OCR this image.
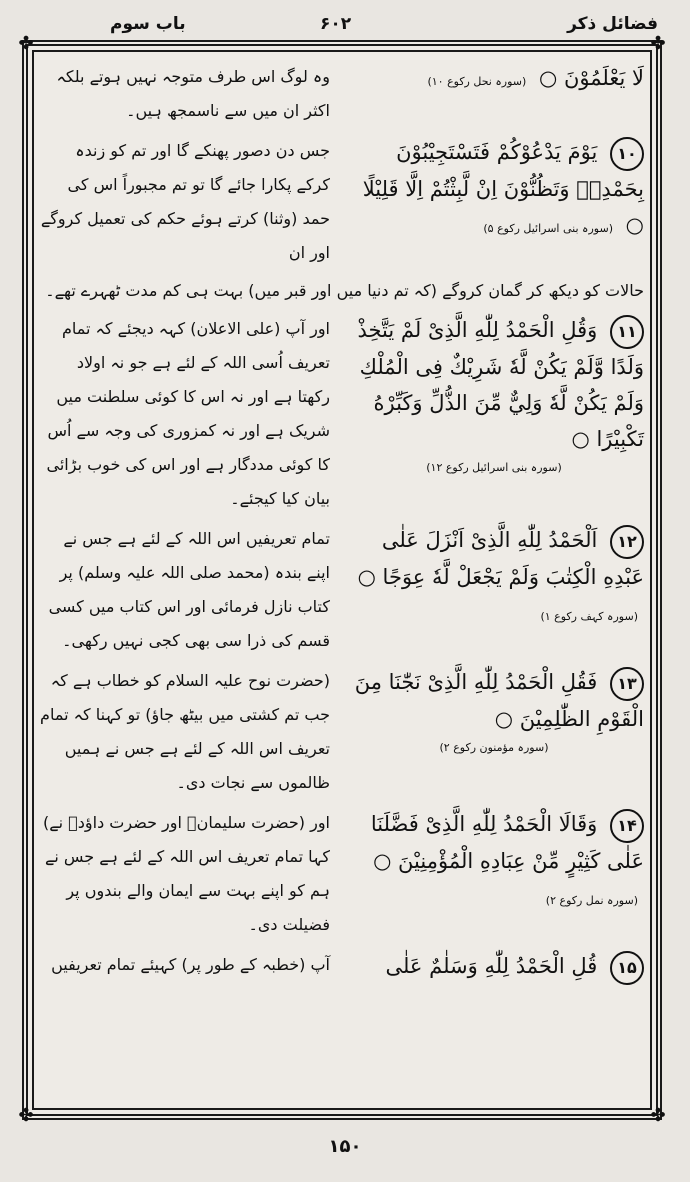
باب سوم	۶۰۲	فضائل ذکر
✤	✤
✤	✤
لَا يَعْلَمُوْنَ ○ (سورہ نحل رکوع ۱۰)
وہ لوگ اس طرف متوجہ نہیں ہوتے بلکہ اکثر ان میں سے ناسمجھ ہیں۔
۱۰ يَوْمَ يَدْعُوْكُمْ فَتَسْتَجِيْبُوْنَ بِحَمْدِهٖ وَتَظُنُّوْنَ اِنْ لَّبِثْتُمْ اِلَّا قَلِيْلًا ○ (سورہ بنی اسرائیل رکوع ۵)
جس دن دصور پھنکے گا اور تم کو زندہ کرکے پکارا جائے گا تو تم مجبوراً اس کی حمد (وثنا) کرتے ہوئے حکم کی تعمیل کروگے اور ان
حالات کو دیکھ کر گمان کروگے (کہ تم دنیا میں اور قبر میں) بہت ہی کم مدت ٹھہرے تھے۔
۱۱ وَقُلِ الْحَمْدُ لِلّٰهِ الَّذِیْ لَمْ يَتَّخِذْ وَلَدًا وَّلَمْ يَكُنْ لَّهٗ شَرِيْكٌ فِى الْمُلْكِ وَلَمْ يَكُنْ لَّهٗ وَلِيٌّ مِّنَ الذُّلِّ وَكَبِّرْهُ تَكْبِيْرًا ○
(سورہ بنی اسرائیل رکوع ۱۲)
اور آپ (علی الاعلان) کہہ دیجئے کہ تمام تعریف اُسی اللہ کے لئے ہے جو نہ اولاد رکھتا ہے اور نہ اس کا کوئی سلطنت میں شریک ہے اور نہ کمزوری کی وجہ سے اُس کا کوئی مددگار ہے اور اس کی خوب بڑائی بیان کیا کیجئے۔
۱۲ اَلْحَمْدُ لِلّٰهِ الَّذِیْ اَنْزَلَ عَلٰى عَبْدِهِ الْكِتٰبَ وَلَمْ يَجْعَلْ لَّهٗ عِوَجًا ○ (سورہ کہف رکوع ۱)
تمام تعریفیں اس اللہ کے لئے ہے جس نے اپنے بندہ (محمد صلی اللہ علیہ وسلم) پر کتاب نازل فرمائی اور اس کتاب میں کسی قسم کی ذرا سی بھی کجی نہیں رکھی۔
۱۳ فَقُلِ الْحَمْدُ لِلّٰهِ الَّذِیْ نَجّٰنَا مِنَ الْقَوْمِ الظّٰلِمِيْنَ ○
(سورہ مؤمنون رکوع ۲)
(حضرت نوح علیہ السلام کو خطاب ہے کہ جب تم کشتی میں بیٹھ جاؤ) تو کہنا کہ تمام تعریف اس اللہ کے لئے ہے جس نے ہمیں ظالموں سے نجات دی۔
۱۴ وَقَالَا الْحَمْدُ لِلّٰهِ الَّذِیْ فَضَّلَنَا عَلٰى كَثِيْرٍ مِّنْ عِبَادِهِ الْمُؤْمِنِيْنَ ○ (سورہ نمل رکوع ۲)
اور (حضرت سلیمانؑ اور حضرت داؤدؑ نے) کہا تمام تعریف اس اللہ کے لئے ہے جس نے ہم کو اپنے بہت سے ایمان والے بندوں پر فضیلت دی۔
۱۵ قُلِ الْحَمْدُ لِلّٰهِ وَسَلٰمٌ عَلٰى
آپ (خطبہ کے طور پر) کہیئے تمام تعریفیں
۱۵۰
